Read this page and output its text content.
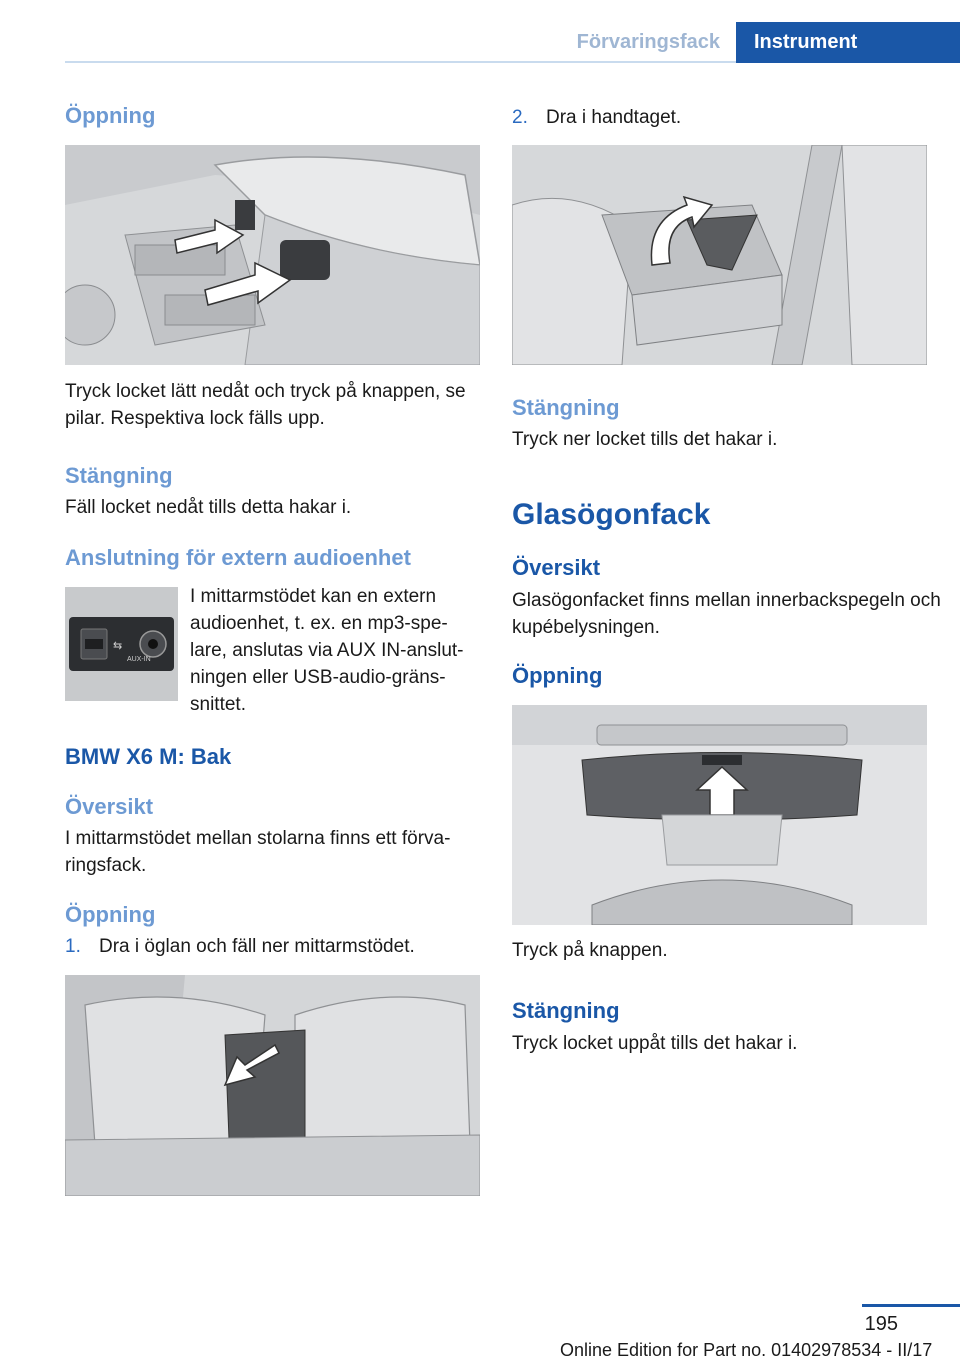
Förvaringsfack	Instrument
Öppning
Tryck locket lätt nedåt och tryck på knappen, se pilar. Respektiva lock fälls upp.
Stängning
Fäll locket nedåt tills detta hakar i.
Anslutning för extern audioenhet
⇆
AUX-IN
I mittarmstödet kan en extern
audioenhet, t. ex. en mp3-spe-
lare, anslutas via AUX IN-anslut-
ningen eller USB-audio-gräns-
snittet.
BMW X6 M: Bak
Översikt
I mittarmstödet mellan stolarna finns ett förva-ringsfack.
Öppning
1. Dra i öglan och fäll ner mittarmstödet.
2. Dra i handtaget.
Stängning
Tryck ner locket tills det hakar i.
Glasögonfack
Översikt
Glasögonfacket finns mellan innerbackspegeln och kupébelysningen.
Öppning
Tryck på knappen.
Stängning
Tryck locket uppåt tills det hakar i.
195
Online Edition for Part no. 01402978534 - II/17
